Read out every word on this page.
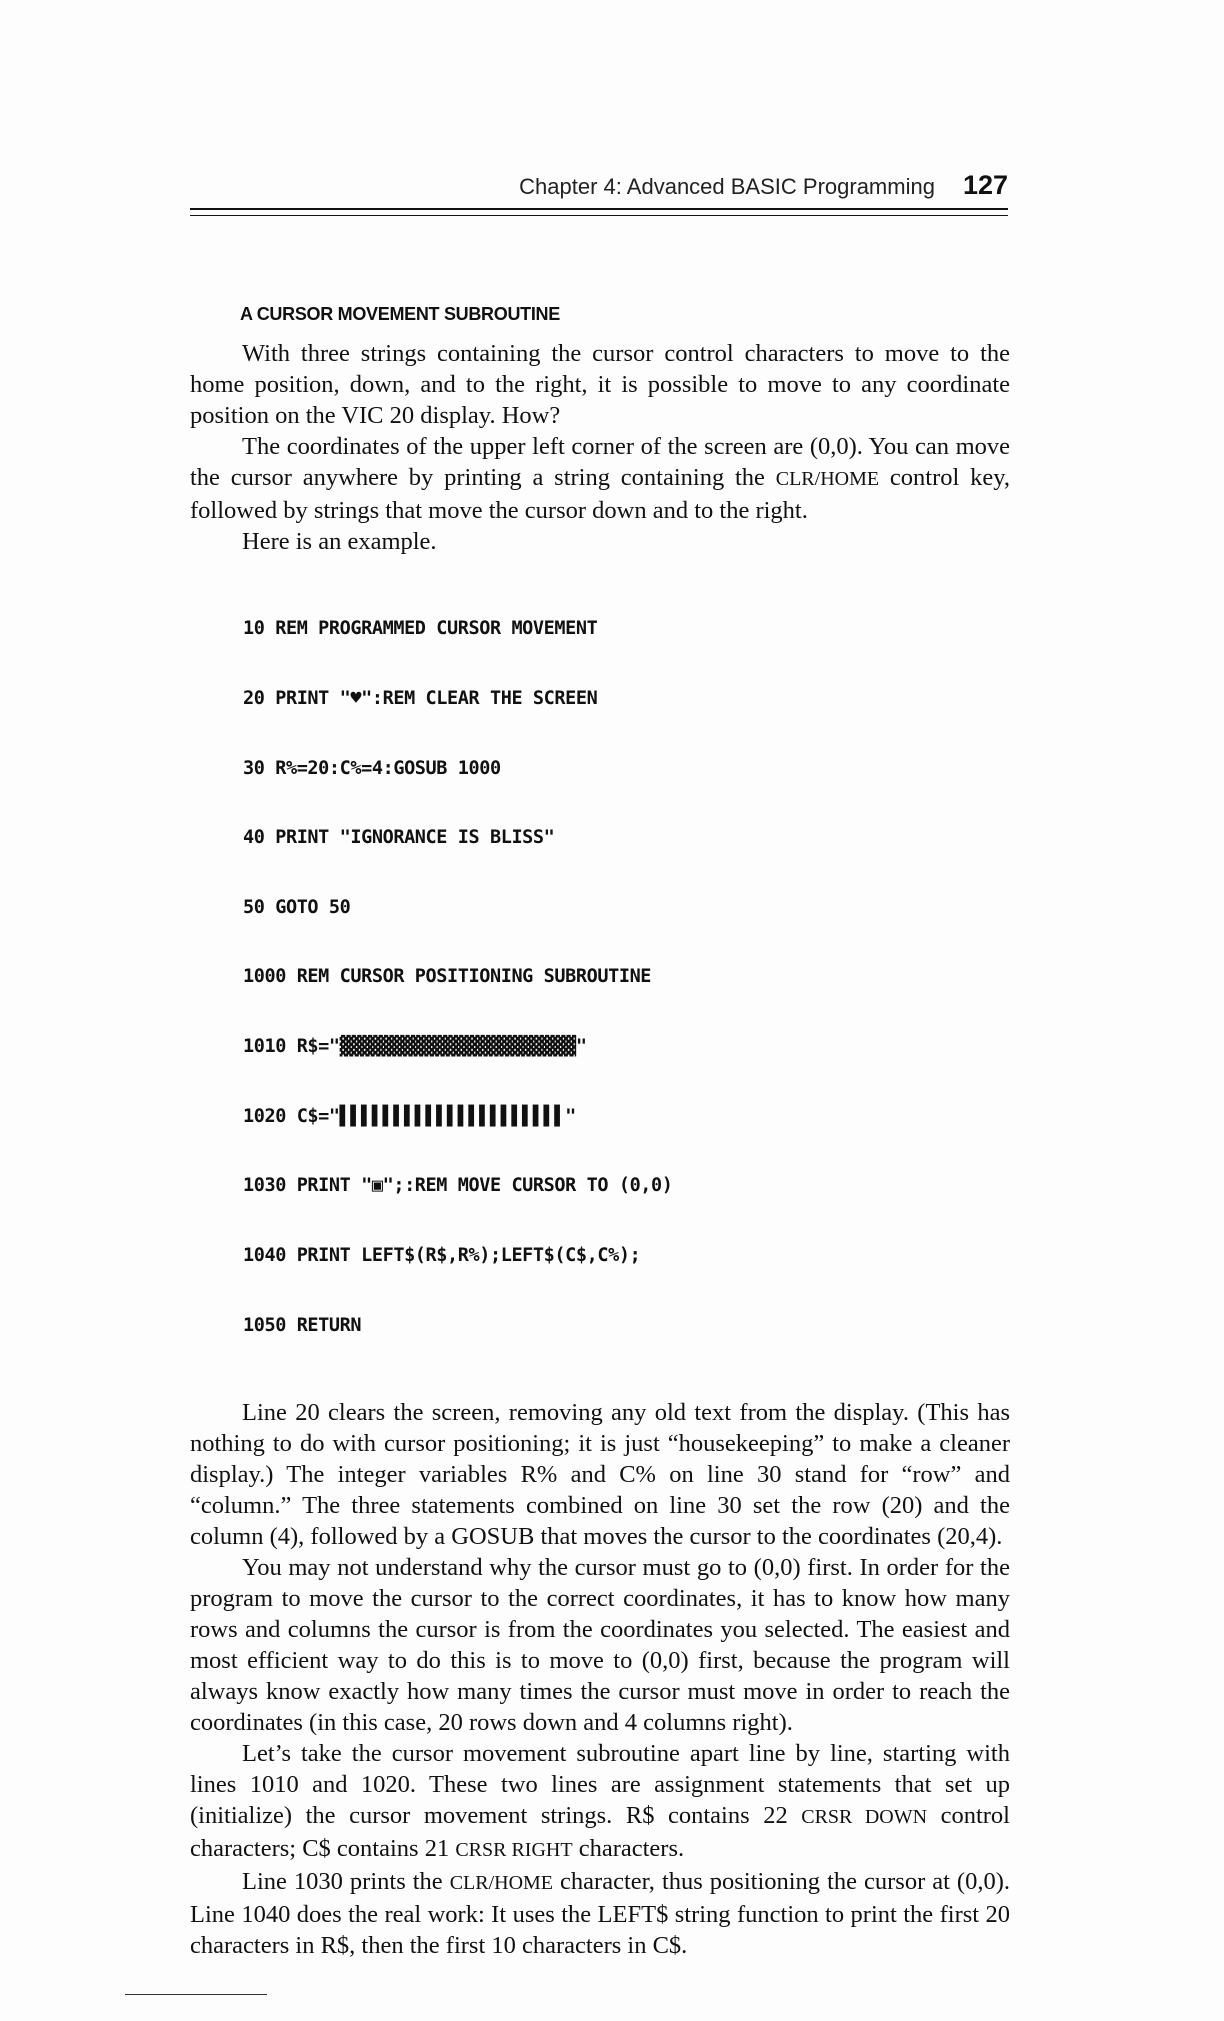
Chapter 4: Advanced BASIC Programming 127
A CURSOR MOVEMENT SUBROUTINE

With three strings containing the cursor control characters to move to the home position, down, and to the right, it is possible to move to any coordinate position on the VIC 20 display. How?

The coordinates of the upper left corner of the screen are (0,0). You can move the cursor anywhere by printing a string containing the CLR/HOME control key, followed by strings that move the cursor down and to the right.

Here is an example.

10 REM PROGRAMMED CURSOR MOVEMENT

20 PRINT "♥":REM CLEAR THE SCREEN

30 R%=20:C%=4:GOSUB 1000

40 PRINT "IGNORANCE IS BLISS"

50 GOTO 50

1000 REM CURSOR POSITIONING SUBROUTINE

1010 R$="▓▓▓▓▓▓▓▓▓▓▓▓▓▓▓▓▓▓▓▓▓▓"

1020 C$="▌▌▌▌▌▌▌▌▌▌▌▌▌▌▌▌▌▌▌▌▌"

1030 PRINT "▣";:REM MOVE CURSOR TO (0,0)

1040 PRINT LEFT$(R$,R%);LEFT$(C$,C%);

1050 RETURN

Line 20 clears the screen, removing any old text from the display. (This has nothing to do with cursor positioning; it is just “housekeeping” to make a cleaner display.) The integer variables R% and C% on line 30 stand for “row” and “column.” The three statements combined on line 30 set the row (20) and the column (4), followed by a GOSUB that moves the cursor to the coordinates (20,4).

You may not understand why the cursor must go to (0,0) first. In order for the program to move the cursor to the correct coordinates, it has to know how many rows and columns the cursor is from the coordinates you selected. The easiest and most efficient way to do this is to move to (0,0) first, because the program will always know exactly how many times the cursor must move in order to reach the coordinates (in this case, 20 rows down and 4 columns right).

Let’s take the cursor movement subroutine apart line by line, starting with lines 1010 and 1020. These two lines are assignment statements that set up (initialize) the cursor movement strings. R$ contains 22 CRSR DOWN control characters; C$ contains 21 CRSR RIGHT characters.

Line 1030 prints the CLR/HOME character, thus positioning the cursor at (0,0). Line 1040 does the real work: It uses the LEFT$ string function to print the first 20 characters in R$, then the first 10 characters in C$.
